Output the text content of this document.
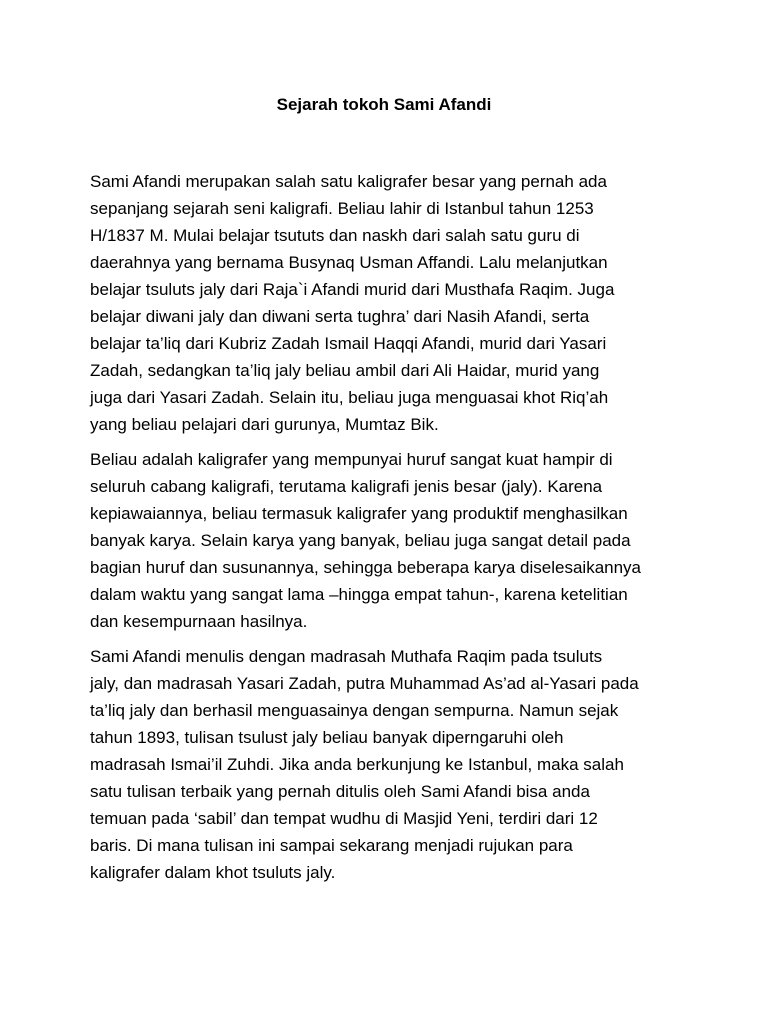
Sejarah tokoh Sami Afandi

Sami Afandi merupakan salah satu kaligrafer besar yang pernah ada
sepanjang sejarah seni kaligrafi. Beliau lahir di Istanbul tahun 1253
H/1837 M. Mulai belajar tsututs dan naskh dari salah satu guru di
daerahnya yang bernama Busynaq Usman Affandi. Lalu melanjutkan
belajar tsuluts jaly dari Raja`i Afandi murid dari Musthafa Raqim. Juga
belajar diwani jaly dan diwani serta tughra’ dari Nasih Afandi, serta
belajar ta’liq dari Kubriz Zadah Ismail Haqqi Afandi, murid dari Yasari
Zadah, sedangkan ta’liq jaly beliau ambil dari Ali Haidar, murid yang
juga dari Yasari Zadah. Selain itu, beliau juga menguasai khot Riq’ah
yang beliau pelajari dari gurunya, Mumtaz Bik.

Beliau adalah kaligrafer yang mempunyai huruf sangat kuat hampir di
seluruh cabang kaligrafi, terutama kaligrafi jenis besar (jaly). Karena
kepiawaiannya, beliau termasuk kaligrafer yang produktif menghasilkan
banyak karya. Selain karya yang banyak, beliau juga sangat detail pada
bagian huruf dan susunannya, sehingga beberapa karya diselesaikannya
dalam waktu yang sangat lama –hingga empat tahun-, karena ketelitian
dan kesempurnaan hasilnya.

Sami Afandi menulis dengan madrasah Muthafa Raqim pada tsuluts
jaly, dan madrasah Yasari Zadah, putra Muhammad As’ad al-Yasari pada
ta’liq jaly dan berhasil menguasainya dengan sempurna. Namun sejak
tahun 1893, tulisan tsulust jaly beliau banyak diperngaruhi oleh
madrasah Ismai’il Zuhdi. Jika anda berkunjung ke Istanbul, maka salah
satu tulisan terbaik yang pernah ditulis oleh Sami Afandi bisa anda
temuan pada ‘sabil’ dan tempat wudhu di Masjid Yeni, terdiri dari 12
baris. Di mana tulisan ini sampai sekarang menjadi rujukan para
kaligrafer dalam khot tsuluts jaly.
